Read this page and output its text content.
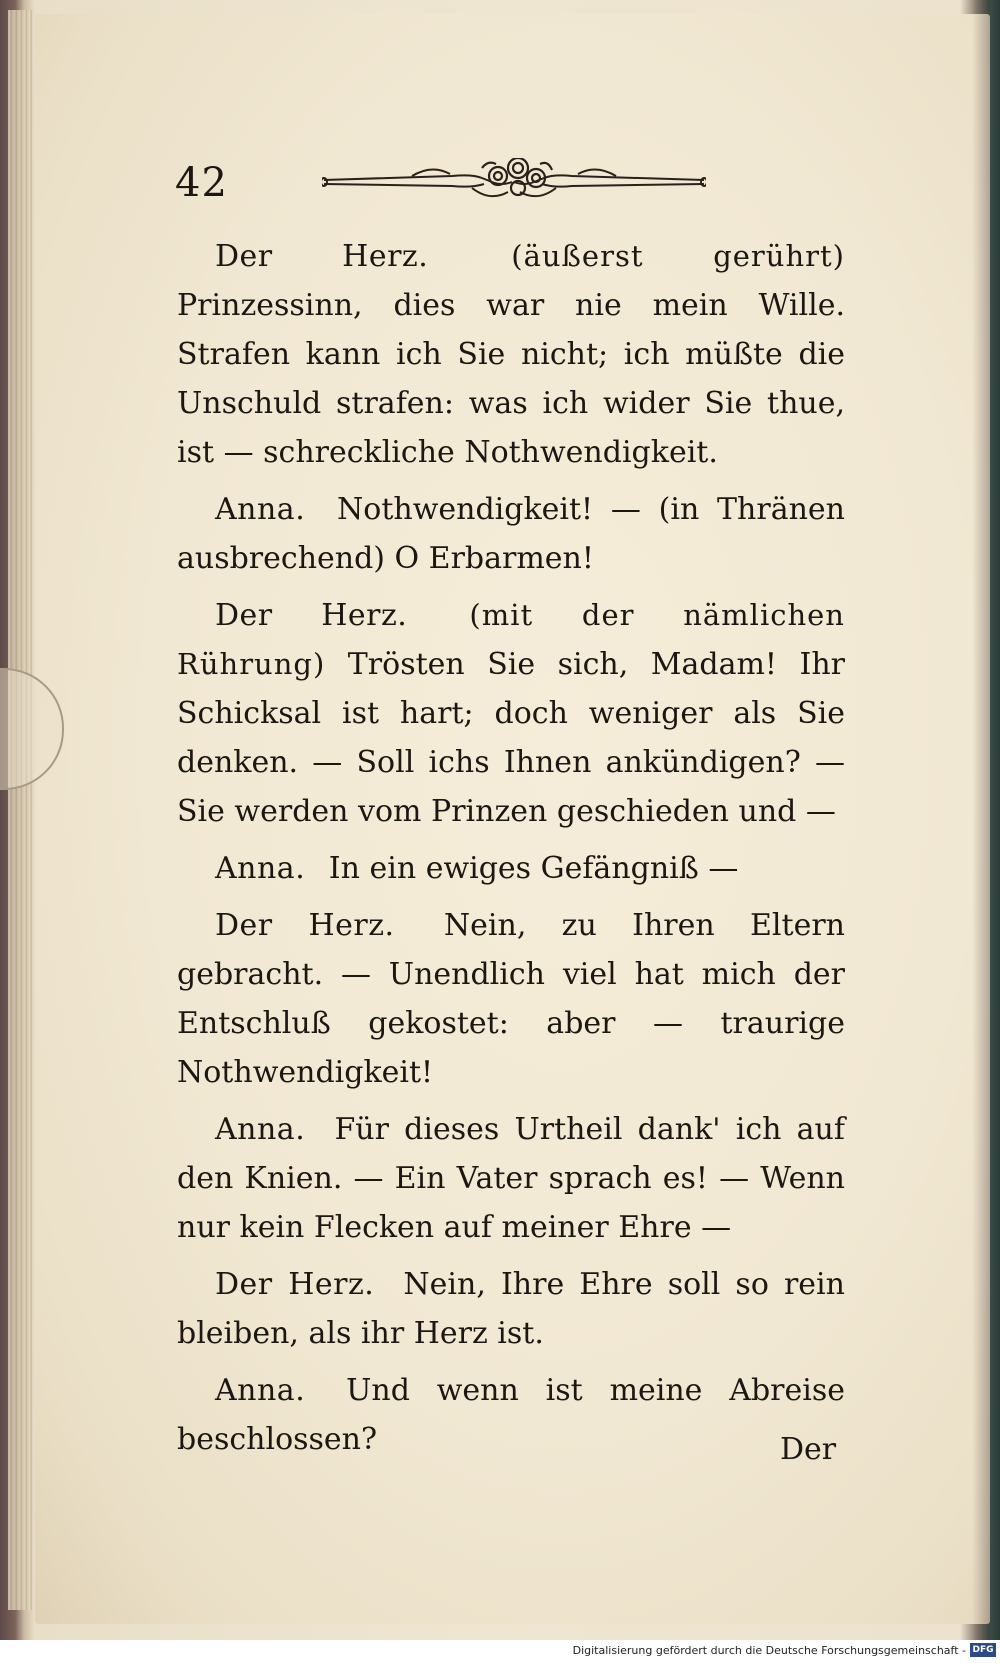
42

Der Herz.	(äußerst gerührt) Prinzessinn, dies war nie mein Wille. Strafen kann ich Sie nicht; ich müßte die Unschuld strafen: was ich wider Sie thue, ist — schreckliche Nothwendigkeit.

Anna. Nothwendigkeit! — (in Thränen ausbrechend) O Erbarmen!

Der Herz. (mit der nämlichen Rührung) Trösten Sie sich, Madam! Ihr Schicksal ist hart; doch weniger als Sie denken. — Soll ichs Ihnen ankündigen? — Sie werden vom Prinzen geschieden und —

Anna. In ein ewiges Gefängniß —

Der Herz. Nein, zu Ihren Eltern gebracht. — Unendlich viel hat mich der Entschluß gekostet: aber — traurige Nothwendigkeit!

Anna. Für dieses Urtheil dank' ich auf den Knien. — Ein Vater sprach es! — Wenn nur kein Flecken auf meiner Ehre —

Der Herz. Nein, Ihre Ehre soll so rein bleiben, als ihr Herz ist.

Anna. Und wenn ist meine Abreise beschlossen?	Der
Digitalisierung gefördert durch die Deutsche Forschungsgemeinschaft - DFG
